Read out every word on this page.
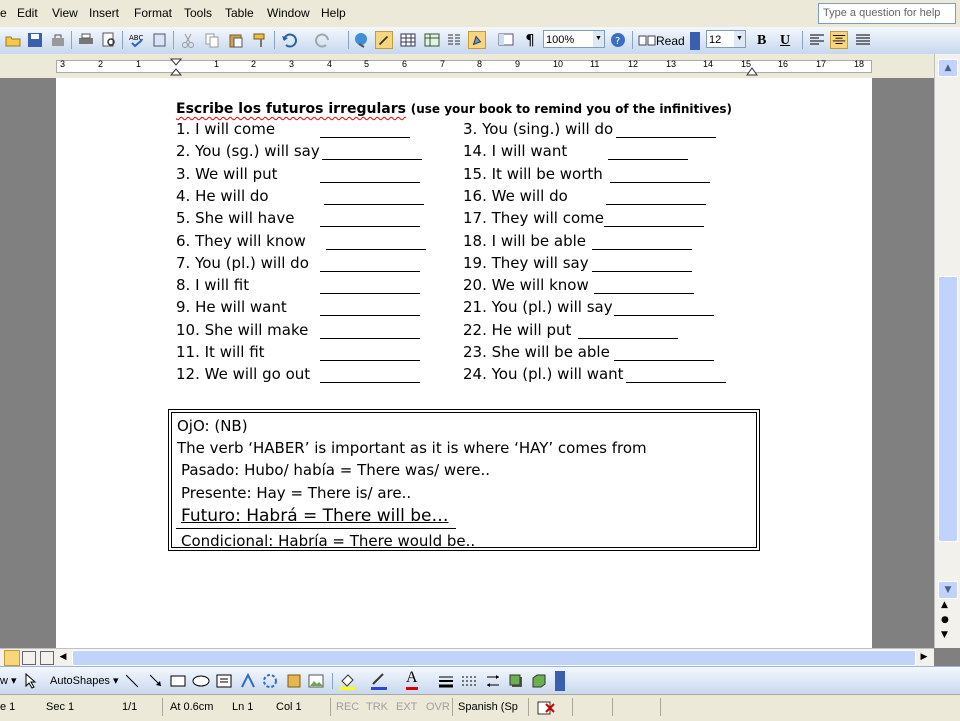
e Edit View Insert Format Tools Table Window Help	Type a question for help
ABC	¶	100%	▼ ?	Read 12 ▼ B U
3	2	1	1	2	3	4	5	6	7	8	9	10	11	12	13	14	15	16	17	18
Escribe los futuros irregulars (use your book to remind you of the infinitives)
1. I will come
2. You (sg.) will say
3. We will put
4. He will do
5. She will have
6. They will know
7. You (pl.) will do
8. I will fit
9. He will want
10. She will make
11. It will fit
12. We will go out
3. You (sing.) will do
14. I will want
15. It will be worth
16. We will do
17. They will come
18. I will be able
19. They will say
20. We will know
21. You (pl.) will say
22. He will put
23. She will be able
24. You (pl.) will want
OjO: (NB)
The verb ‘HABER’ is important as it is where ‘HAY’ comes from
Pasado: Hubo/ había = There was/ were..
Presente: Hay = There is/ are..
Futuro: Habrá = There will be…
Condicional: Habría = There would be..
▲
▼
▲
●
▼
◀	▶
w ▾	AutoShapes ▾	A
e 1	Sec 1	1/1	At 0.6cm Ln 1 Col 1	REC TRK EXT OVR Spanish (Sp
